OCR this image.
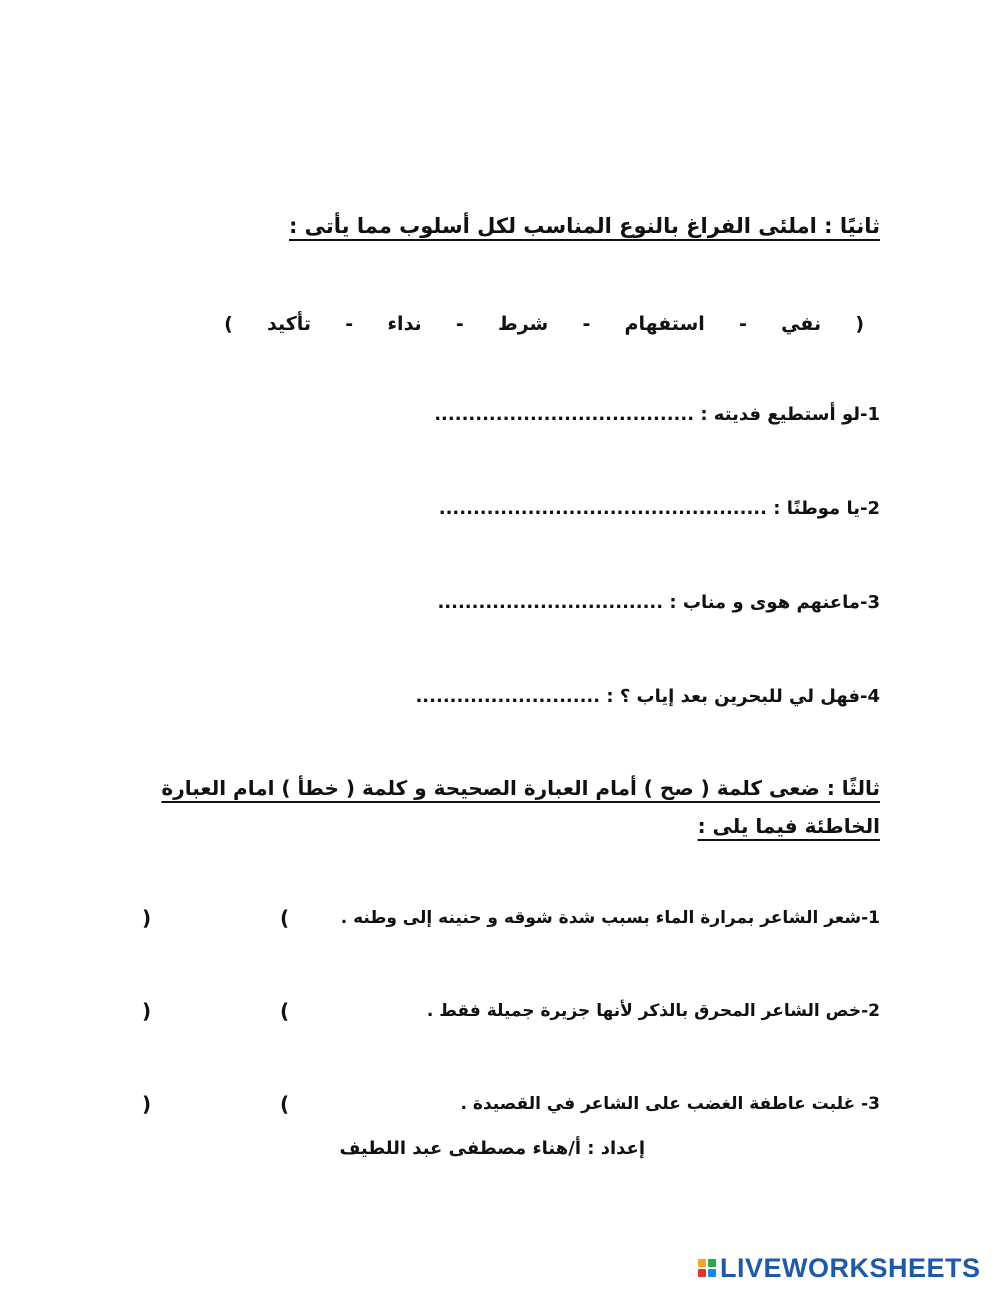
ثانيًا : املئى الفراغ بالنوع المناسب لكل أسلوب مما يأتى :
(
نفي
-
استفهام
-
شرط
-
نداء
-
تأكيد
)
1-لو أستطيع فديته : ......................................
2-يا موطنًا : ................................................
3-ماعنهم هوى و مناب : .................................
4-فهل لي للبحرين بعد إياب ؟ : ...........................
ثالثًا : ضعى كلمة ( صح ) أمام العبارة الصحيحة و كلمة ( خطأ ) امام العبارة
الخاطئة فيما يلى :
1-شعر الشاعر بمرارة الماء بسبب شدة شوقه و حنينه إلى وطنه .
(
)
2-خص الشاعر المحرق بالذكر لأنها جزيرة جميلة فقط .
(
)
3- غلبت عاطفة الغضب على الشاعر في القصيدة .
(
)
إعداد : أ/هناء مصطفى عبد اللطيف
LIVEWORKSHEETS
